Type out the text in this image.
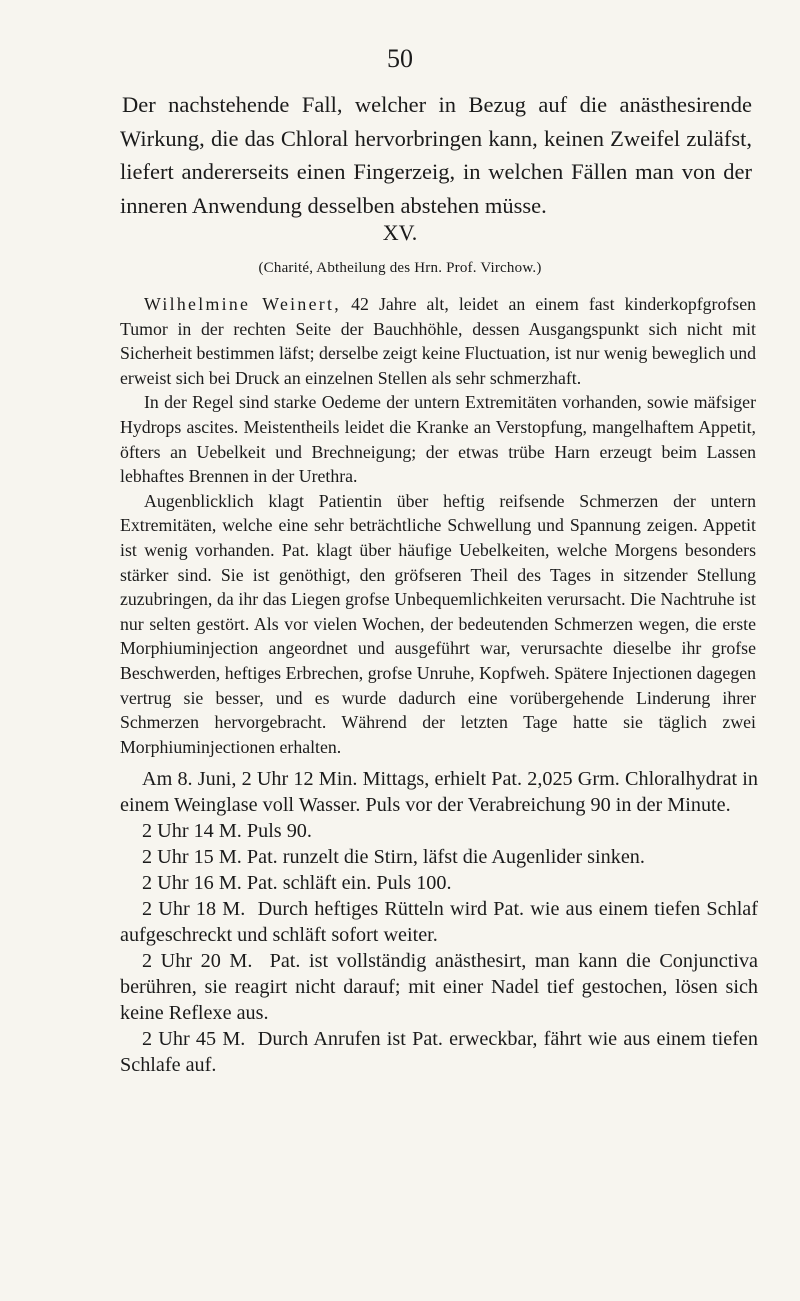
50
Der nachstehende Fall, welcher in Bezug auf die anästhesirende Wirkung, die das Chloral hervorbringen kann, keinen Zweifel zuläfst, liefert andererseits einen Fingerzeig, in welchen Fällen man von der inneren Anwendung desselben abstehen müsse.
XV.
(Charité, Abtheilung des Hrn. Prof. Virchow.)

Wilhelmine Weinert, 42 Jahre alt, leidet an einem fast kinderkopfgrofsen Tumor in der rechten Seite der Bauchhöhle, dessen Ausgangspunkt sich nicht mit Sicherheit bestimmen läfst; derselbe zeigt keine Fluctuation, ist nur wenig beweglich und erweist sich bei Druck an einzelnen Stellen als sehr schmerzhaft.

In der Regel sind starke Oedeme der untern Extremitäten vorhanden, sowie mäfsiger Hydrops ascites. Meistentheils leidet die Kranke an Verstopfung, mangelhaftem Appetit, öfters an Uebelkeit und Brechneigung; der etwas trübe Harn erzeugt beim Lassen lebhaftes Brennen in der Urethra.

Augenblicklich klagt Patientin über heftig reifsende Schmerzen der untern Extremitäten, welche eine sehr beträchtliche Schwellung und Spannung zeigen. Appetit ist wenig vorhanden. Pat. klagt über häufige Uebelkeiten, welche Morgens besonders stärker sind. Sie ist genöthigt, den gröfseren Theil des Tages in sitzender Stellung zuzubringen, da ihr das Liegen grofse Unbequemlichkeiten verursacht. Die Nachtruhe ist nur selten gestört. Als vor vielen Wochen, der bedeutenden Schmerzen wegen, die erste Morphiuminjection angeordnet und ausgeführt war, verursachte dieselbe ihr grofse Beschwerden, heftiges Erbrechen, grofse Unruhe, Kopfweh. Spätere Injectionen dagegen vertrug sie besser, und es wurde dadurch eine vorübergehende Linderung ihrer Schmerzen hervorgebracht. Während der letzten Tage hatte sie täglich zwei Morphiuminjectionen erhalten.

Am 8. Juni, 2 Uhr 12 Min. Mittags, erhielt Pat. 2,025 Grm. Chloralhydrat in einem Weinglase voll Wasser. Puls vor der Verabreichung 90 in der Minute.

2 Uhr 14 M. Puls 90.

2 Uhr 15 M. Pat. runzelt die Stirn, läfst die Augenlider sinken.

2 Uhr 16 M. Pat. schläft ein. Puls 100.

2 Uhr 18 M. Durch heftiges Rütteln wird Pat. wie aus einem tiefen Schlaf aufgeschreckt und schläft sofort weiter.

2 Uhr 20 M. Pat. ist vollständig anästhesirt, man kann die Conjunctiva berühren, sie reagirt nicht darauf; mit einer Nadel tief gestochen, lösen sich keine Reflexe aus.

2 Uhr 45 M. Durch Anrufen ist Pat. erweckbar, fährt wie aus einem tiefen Schlafe auf.
